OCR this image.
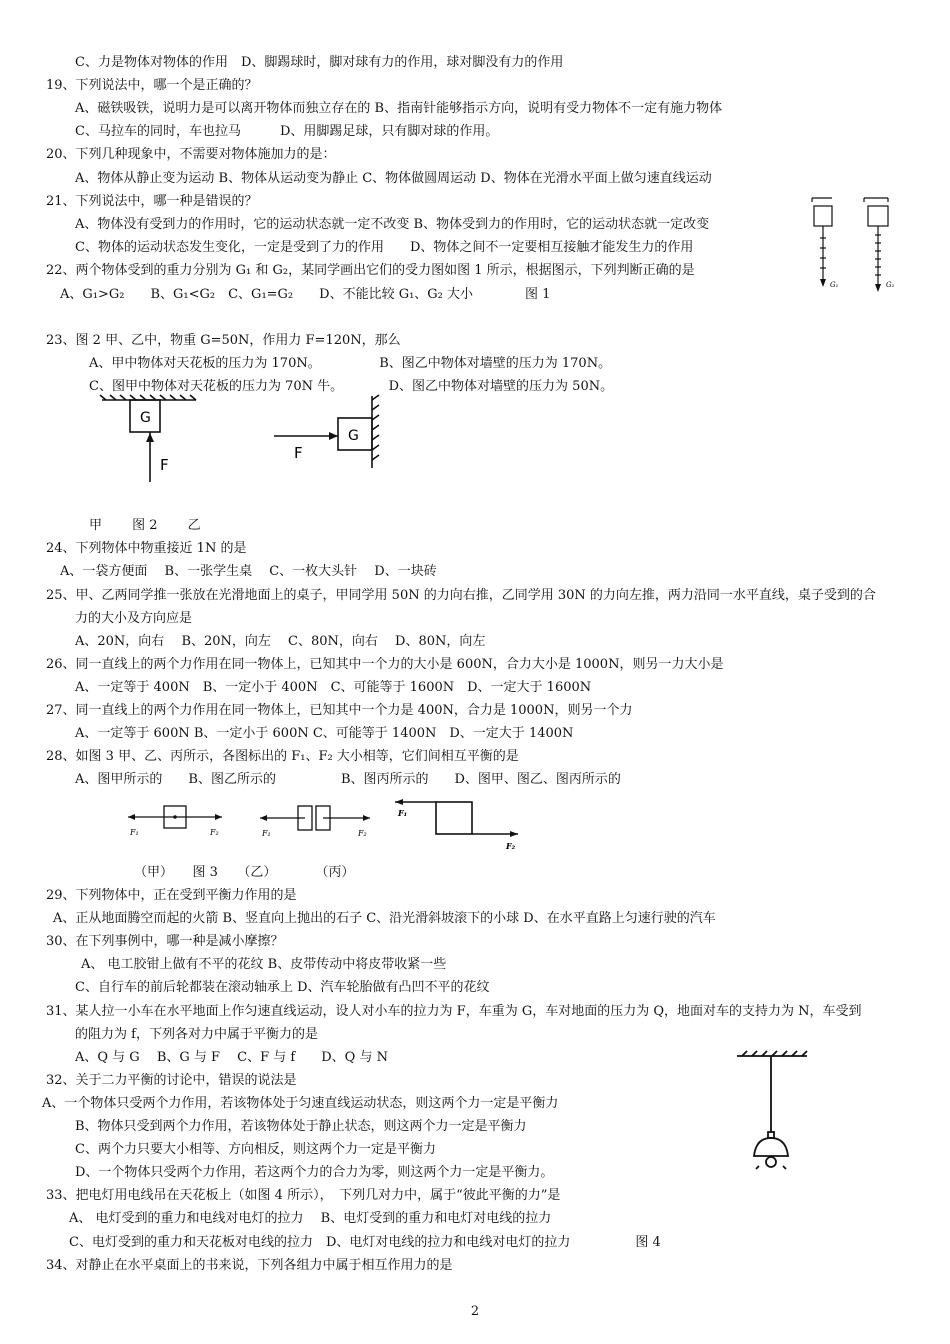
C、力是物体对物体的作用　D、脚踢球时，脚对球有力的作用，球对脚没有力的作用
19、下列说法中，哪一个是正确的？
A、磁铁吸铁，说明力是可以离开物体而独立存在的 B、指南针能够指示方向，说明有受力物体不一定有施力物体
C、马拉车的同时，车也拉马　　　D、用脚踢足球，只有脚对球的作用。
20、下列几种现象中，不需要对物体施加力的是：
A、物体从静止变为运动 B、物体从运动变为静止 C、物体做圆周运动 D、物体在光滑水平面上做匀速直线运动
21、下列说法中，哪一种是错误的？
A、物体没有受到力的作用时，它的运动状态就一定不改变 B、物体受到力的作用时，它的运动状态就一定改变
C、物体的运动状态发生变化，一定是受到了力的作用　　D、物体之间不一定要相互接触才能发生力的作用
22、两个物体受到的重力分别为 G₁ 和 G₂，某同学画出它们的受力图如图 1 所示，根据图示，下列判断正确的是
A、G₁>G₂　　B、G₁<G₂　C、G₁=G₂　　D、不能比较 G₁、G₂ 大小　　　　图 1
23、图 2 甲、乙中，物重 G=50N，作用力 F=120N，那么
A、甲中物体对天花板的压力为 170N。　　　　　B、图乙中物体对墙壁的压力为 170N。
C、图甲中物体对天花板的压力为 70N 牛。　　　　D、图乙中物体对墙壁的压力为 50N。
甲　　 图 2　　 乙
24、下列物体中物重接近 1N 的是
A、一袋方便面　 B、一张学生桌　 C、一枚大头针　 D、一块砖
25、甲、乙两同学推一张放在光滑地面上的桌子，甲同学用 50N 的力向右推，乙同学用 30N 的力向左推，两力沿同一水平直线，桌子受到的合
力的大小及方向应是
A、20N，向右　 B、20N，向左　 C、80N，向右　 D、80N，向左
26、同一直线上的两个力作用在同一物体上，已知其中一个力的大小是 600N，合力大小是 1000N，则另一力大小是
A、一定等于 400N　B、一定小于 400N　C、可能等于 1600N　D、一定大于 1600N
27、同一直线上的两个力作用在同一物体上，已知其中一个力是 400N，合力是 1000N，则另一个力
A、一定等于 600N B、一定小于 600N C、可能等于 1400N　D、一定大于 1400N
28、如图 3 甲、乙、丙所示，各图标出的 F₁、F₂ 大小相等，它们间相互平衡的是
A、图甲所示的　　B、图乙所示的　　　　　B、图丙所示的　　D、图甲、图乙、图丙所示的
（甲）　　图 3　　（乙）　　　　（丙）
29、下列物体中，正在受到平衡力作用的是
A、正从地面腾空而起的火箭 B、竖直向上抛出的石子 C、沿光滑斜坡滚下的小球 D、在水平直路上匀速行驶的汽车
30、在下列事例中，哪一种是减小摩擦？
A、 电工胶钳上做有不平的花纹 B、皮带传动中将皮带收紧一些
C、自行车的前后轮都装在滚动轴承上 D、汽车轮胎做有凸凹不平的花纹
31、某人拉一小车在水平地面上作匀速直线运动，设人对小车的拉力为 F，车重为 G，车对地面的压力为 Q，地面对车的支持力为 N，车受到
的阻力为 f，下列各对力中属于平衡力的是
A、Q 与 G　 B、G 与 F　 C、F 与 f　　D、Q 与 N
32、关于二力平衡的讨论中，错误的说法是
A、一个物体只受两个力作用，若该物体处于匀速直线运动状态，则这两个力一定是平衡力
B、物体只受到两个力作用，若该物体处于静止状态，则这两个力一定是平衡力
C、两个力只要大小相等、方向相反，则这两个力一定是平衡力
D、一个物体只受两个力作用，若这两个力的合力为零，则这两个力一定是平衡力。
33、把电灯用电线吊在天花板上（如图 4 所示），　下列几对力中，属于“彼此平衡的力”是
A、 电灯受到的重力和电线对电灯的拉力　 B、电灯受到的重力和电灯对电线的拉力
C、电灯受到的重力和天花板对电线的拉力　D、电灯对电线的拉力和电线对电灯的拉力　　　　　图 4
34、对静止在水平桌面上的书来说，下列各组力中属于相互作用力的是
G₁	G₂
G
F
G
F
F₁	F₂	F₁	F₂
F₁
F₂
2
